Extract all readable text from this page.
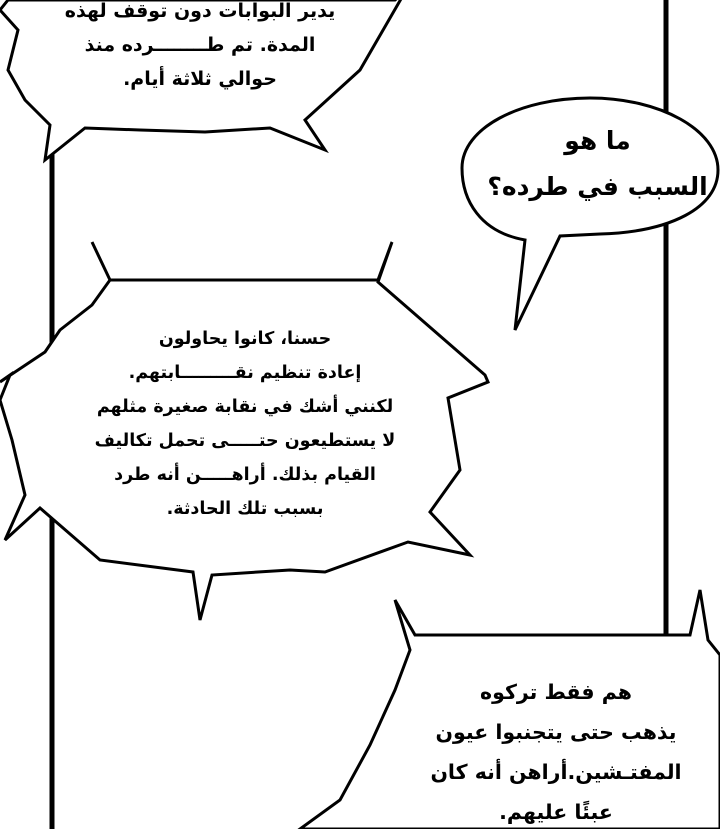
يدير البوابات دون توقف لهذه
المدة. تم طــــــــرده منذ
حوالي ثلاثة أيام.
ما هو
السبب في طرده؟
حسنا، كانوا يحاولون
إعادة تنظيم نقـــــــــابتهم.
لكنني أشك في نقابة صغيرة مثلهم
لا يستطيعون حتـــــى تحمل تكاليف
القيام بذلك. أراهـــــن أنه طرد
بسبب تلك الحادثة.
هم فقط تركوه
يذهب حتى يتجنبوا عيون
المفتـشين.أراهن أنه كان
عبئًا عليهم.
